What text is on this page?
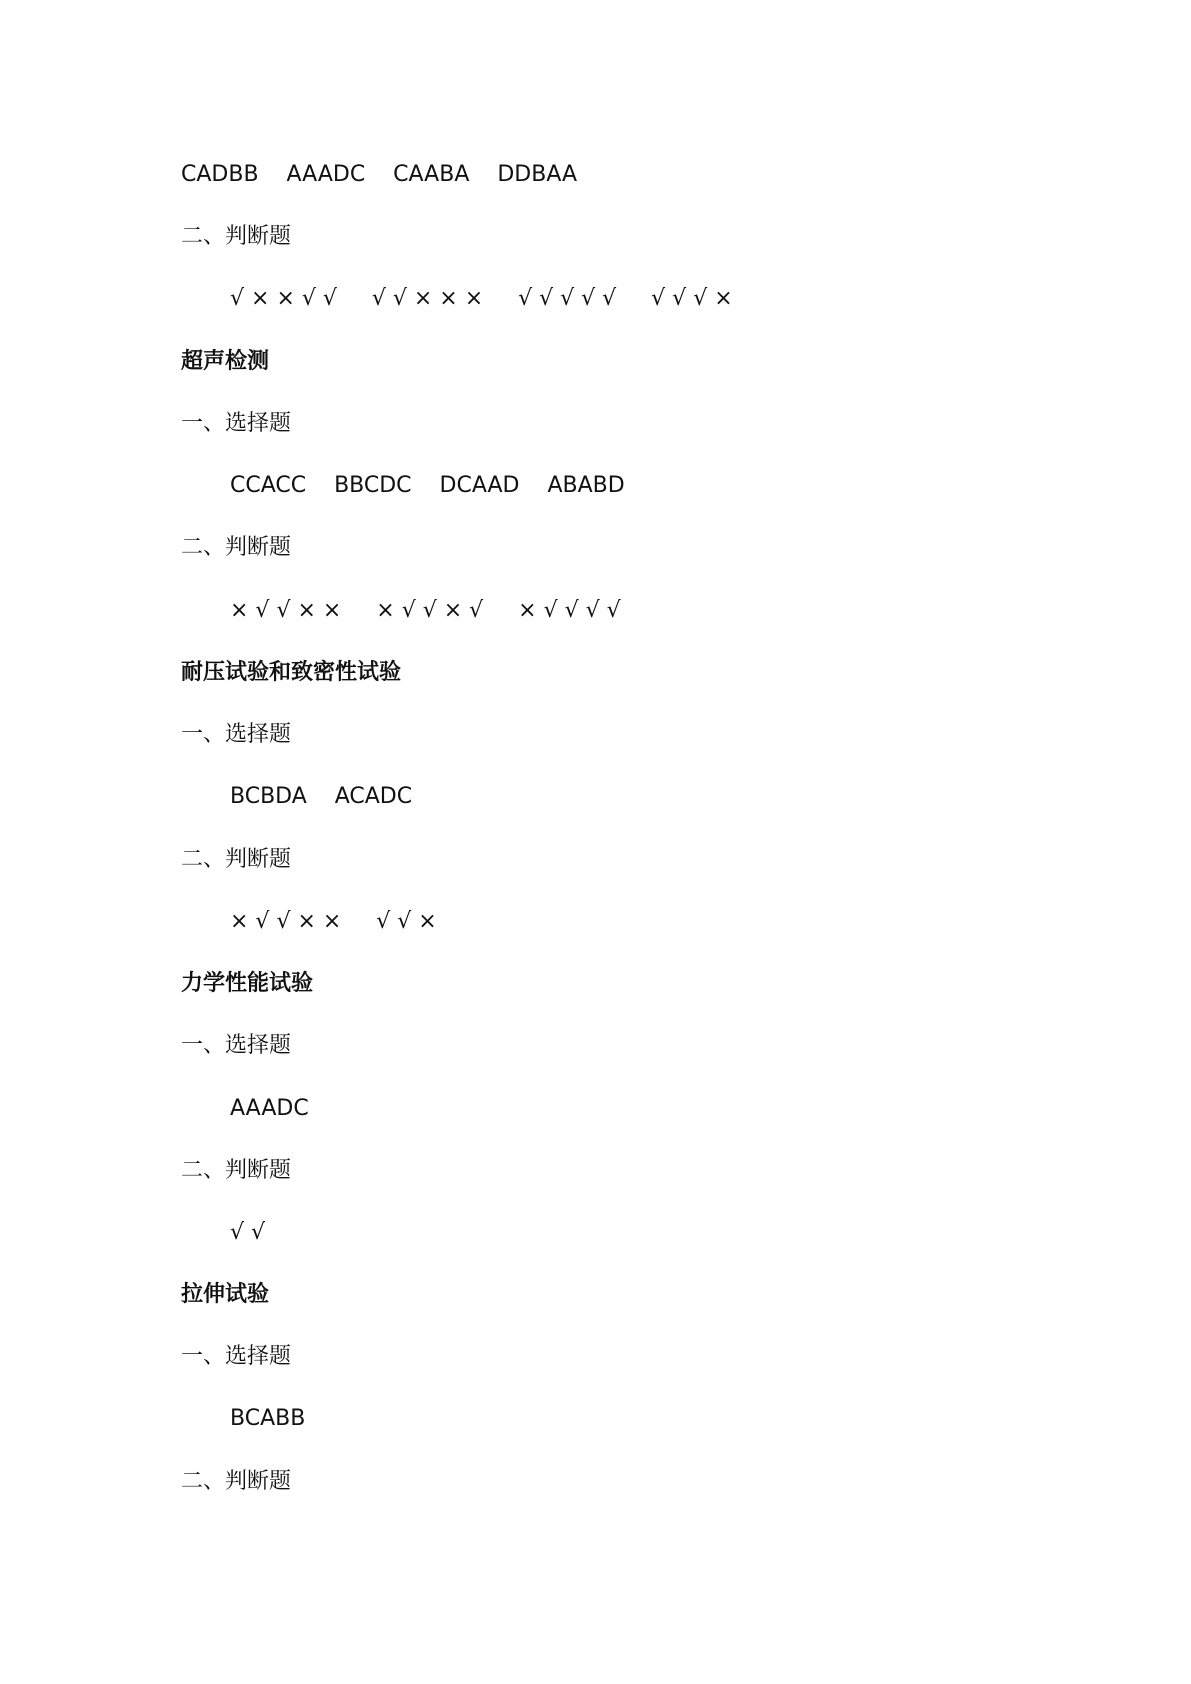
CADBB    AAADC    CAABA    DDBAA
二、判断题
√ × × √ √     √ √ × × ×     √ √ √ √ √     √ √ √ ×
超声检测
一、选择题
CCACC    BBCDC    DCAAD    ABABD
二、判断题
× √ √ × ×     × √ √ × √     × √ √ √ √
耐压试验和致密性试验
一、选择题
BCBDA    ACADC
二、判断题
× √ √ × ×     √ √ ×
力学性能试验
一、选择题
AAADC
二、判断题
√ √
拉伸试验
一、选择题
BCABB
二、判断题
